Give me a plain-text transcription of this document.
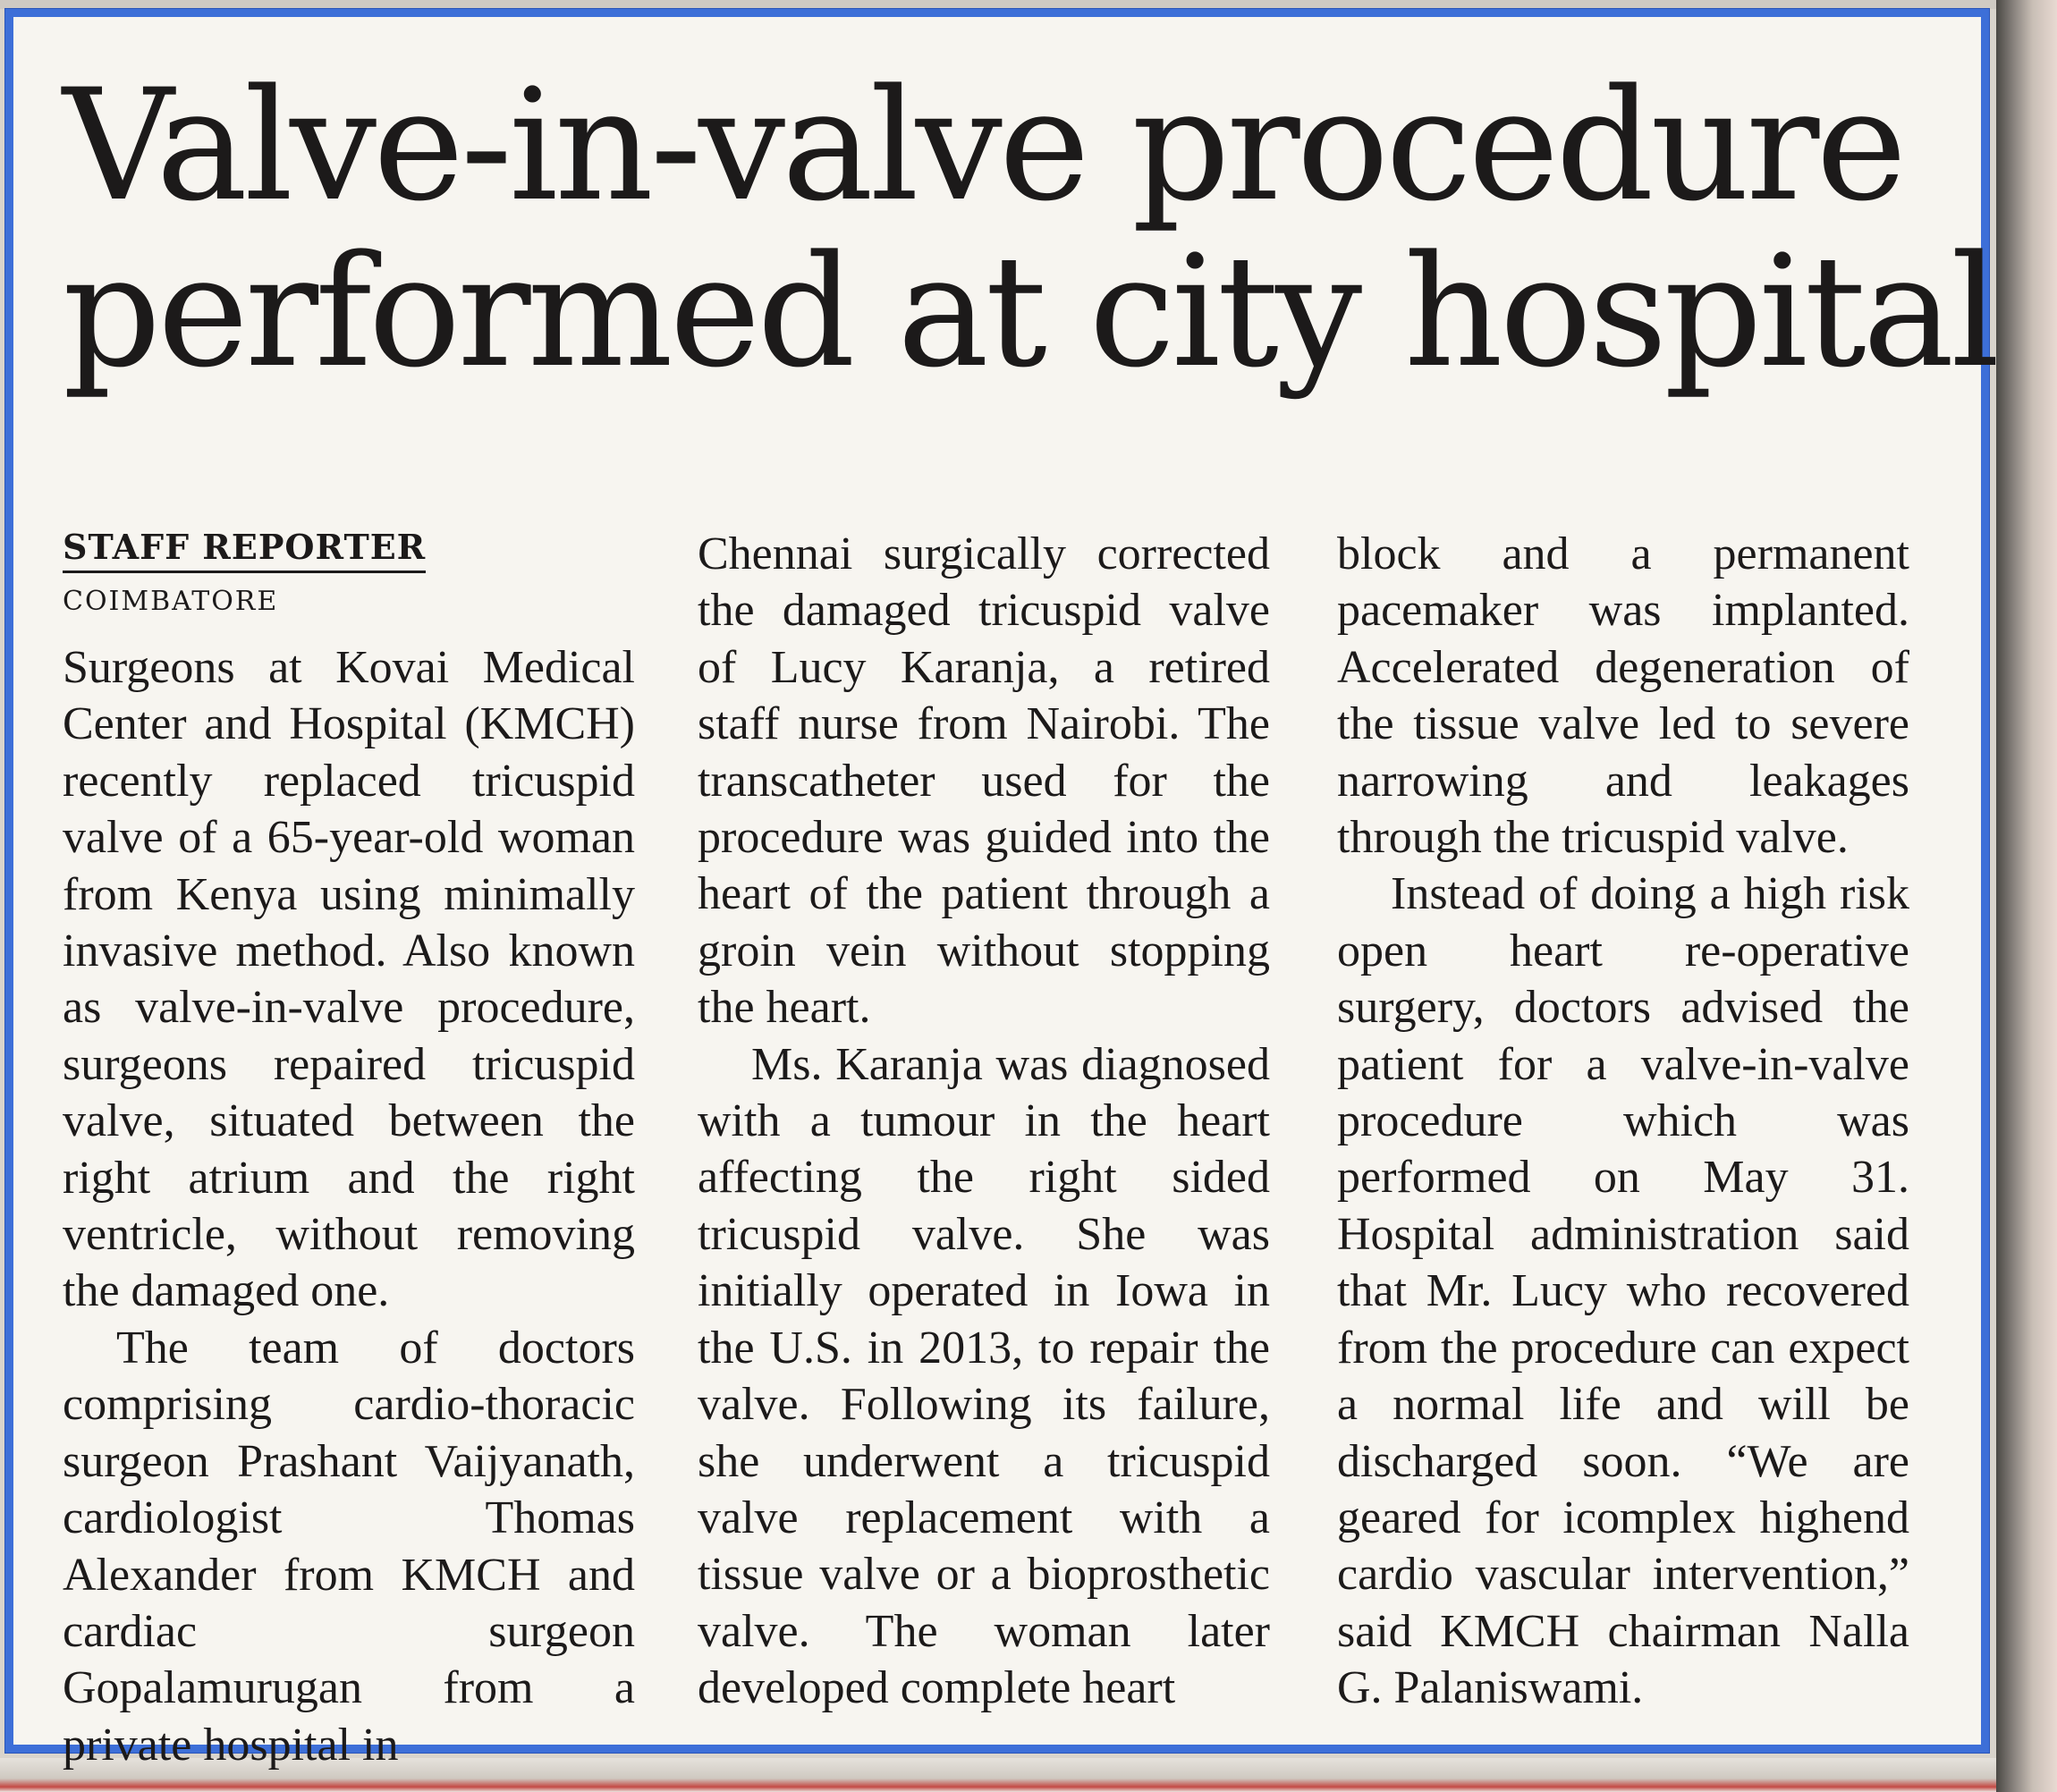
Valve-in-valve procedure
performed at city hospital
STAFF REPORTER
COIMBATORE

Surgeons at Kovai Medical Center and Hospital (KMCH) recently replaced tricuspid valve of a 65-year-old woman from Kenya using minimally invasive method. Also known as valve-in-valve procedure, surgeons repaired tricuspid valve, situated between the right atrium and the right ventricle, without removing the damaged one.

The team of doctors comprising cardio-thoracic surgeon Prashant Vaijyanath, cardiologist Thomas Alexander from KMCH and cardiac surgeon Gopalamurugan from a private hospital in

Chennai surgically corrected the damaged tricuspid valve of Lucy Karanja, a retired staff nurse from Nairobi. The transcatheter used for the procedure was guided into the heart of the patient through a groin vein without stopping the heart.

Ms. Karanja was diagnosed with a tumour in the heart affecting the right sided tricuspid valve. She was initially operated in Iowa in the U.S. in 2013, to repair the valve. Following its failure, she underwent a tricuspid valve replacement with a tissue valve or a bioprosthetic valve. The woman later developed complete heart

block and a permanent pacemaker was implanted. Accelerated degeneration of the tissue valve led to severe narrowing and leakages through the tricuspid valve.

Instead of doing a high risk open heart re-operative surgery, doctors advised the patient for a valve-in-valve procedure which was performed on May 31. Hospital administration said that Mr. Lucy who recovered from the procedure can expect a normal life and will be discharged soon. “We are geared for icomplex highend cardio vascular intervention,” said KMCH chairman Nalla G. Palaniswami.
